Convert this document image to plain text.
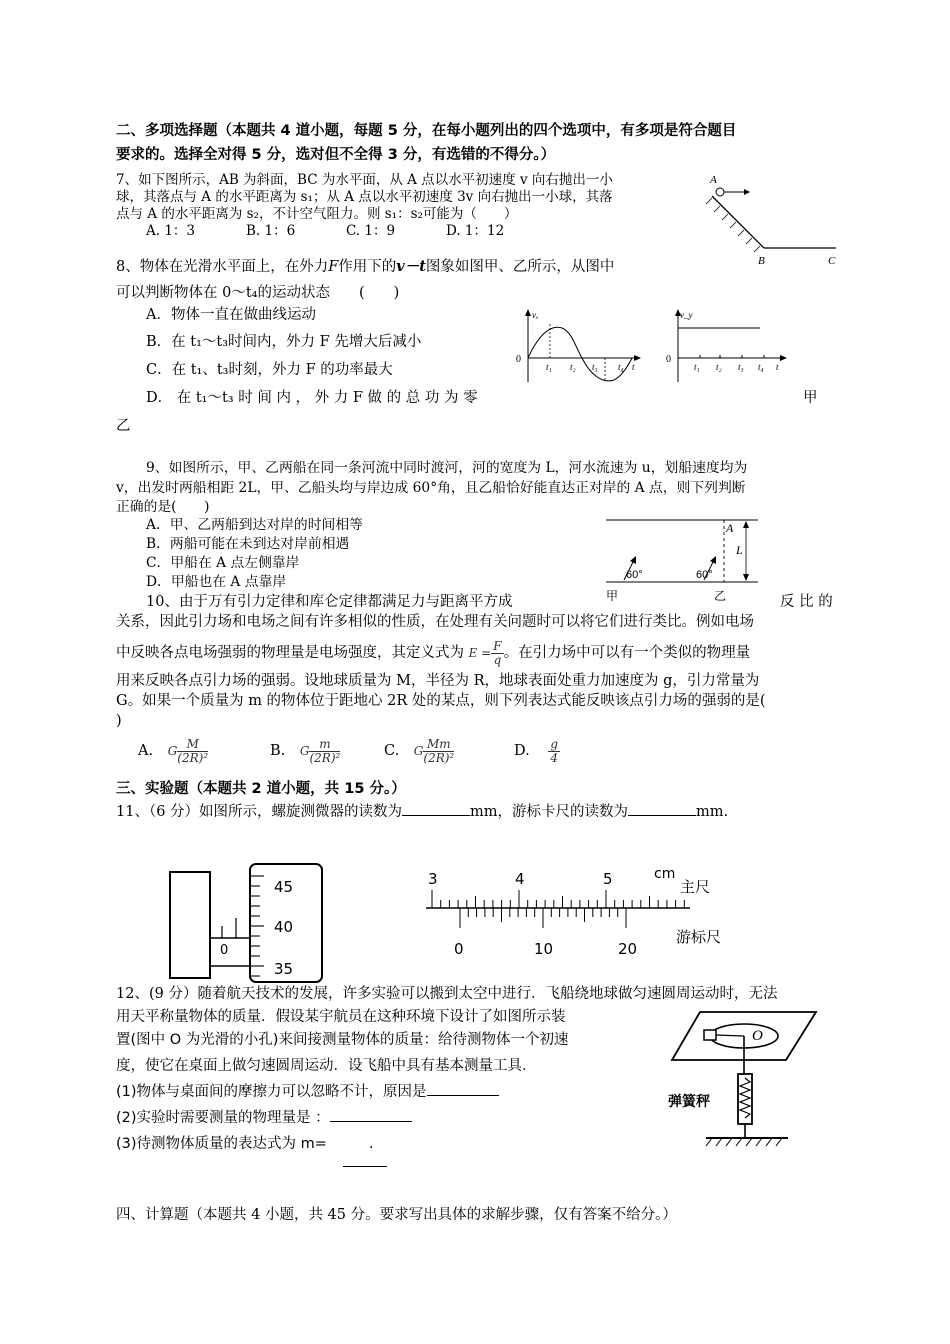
二、多项选择题（本题共 4 道小题，每题 5 分，在每小题列出的四个选项中，有多项是符合题目
要求的。选择全对得 5 分，选对但不全得 3 分，有选错的不得分。）
7、如下图所示，AB 为斜面，BC 为水平面，从 A 点以水平初速度 v 向右抛出一小
球，其落点与 A 的水平距离为 s₁；从 A 点以水平初速度 3v 向右抛出一小球，其落
点与 A 的水平距离为 s₂，不计空气阻力。则 s₁：s₂可能为（　　）
A. 1：3	B. 1：6	C. 1：9	D. 1：12
A
B	C
8、物体在光滑水平面上，在外力F作用下的v－t图象如图甲、乙所示，从图中
可以判断物体在 0～t₄的运动状态　　(　　)
A．物体一直在做曲线运动
B．在 t₁～t₃时间内，外力 F 先增大后减小
C．在 t₁、t₃时刻，外力 F 的功率最大
D． 在 t₁～t₃ 时 间 内 ， 外 力 F 做 的 总 功 为 零	甲
乙
vₓ
0
t₁ t₂ t₃ t₄ t
v_y
0
t₁ t₂ t₃ t₄ t
9、如图所示，甲、乙两船在同一条河流中同时渡河，河的宽度为 L，河水流速为 u，划船速度均为
v，出发时两船相距 2L，甲、乙船头均与岸边成 60°角，且乙船恰好能直达正对岸的 A 点，则下列判断
正确的是(　　)
A．甲、乙两船到达对岸的时间相等
B．两船可能在未到达对岸前相遇
C．甲船在 A 点左侧靠岸
D．甲船也在 A 点靠岸
A
L
60°	60°
甲	乙
10、由于万有引力定律和库仑定律都满足力与距离平方成	反 比 的
关系，因此引力场和电场之间有许多相似的性质，在处理有关问题时可以将它们进行类比。例如电场
中反映各点电场强弱的物理量是电场强度，其定义式为 $E = \frac{F}{q}$ 。在引力场中可以有一个类似的物理量
用来反映各点引力场的强弱。设地球质量为 M，半径为 R，地球表面处重力加速度为 g，引力常量为
G。如果一个质量为 m 的物体位于距地心 2R 处的某点，则下列表达式能反映该点引力场的强弱的是(
)
A. G $\frac{M}{\text{(2R)²}}$	B. G $\frac{m}{\text{(2R)²}}$	C. G $\frac{Mm}{\text{(2R)²}}$	D. $\frac{g}{4}$
三、实验题（本题共 2 道小题，共 15 分。）
11、（6 分）如图所示，螺旋测微器的读数为	mm，游标卡尺的读数为	mm.
45
40
35
0
3	4	5	cm
主尺
0	10	20
游标尺
12、(9 分）随着航天技术的发展，许多实验可以搬到太空中进行．飞船绕地球做匀速圆周运动时，无法
用天平称量物体的质量．假设某宇航员在这种环境下设计了如图所示装
置(图中 O 为光滑的小孔)来间接测量物体的质量：给待测物体一个初速
度，使它在桌面上做匀速圆周运动．设飞船中具有基本测量工具．
(1)物体与桌面间的摩擦力可以忽略不计，原因是
(2)实验时需要测量的物理量是 ：
(3)待测物体质量的表达式为 m=	.
O
弹簧秤
四、计算题（本题共 4 小题，共 45 分。要求写出具体的求解步骤，仅有答案不给分。）
